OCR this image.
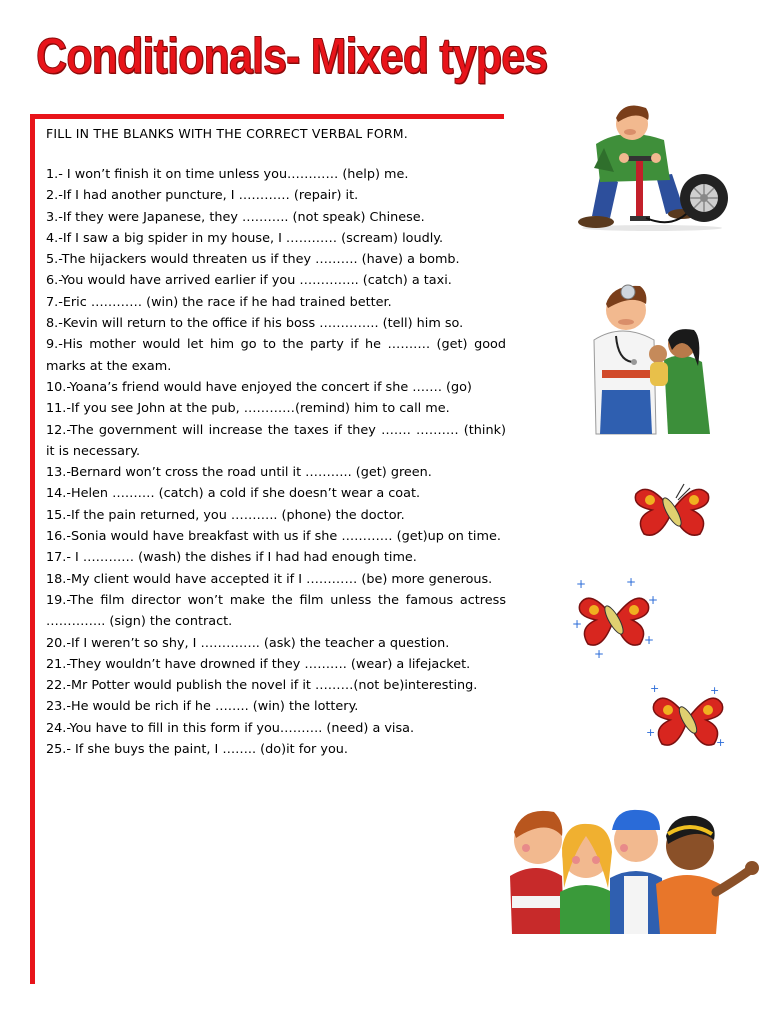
Conditionals- Mixed types
FILL IN THE BLANKS WITH THE CORRECT VERBAL FORM.
1.- I won’t finish it on time unless you………… (help) me.
2.-If I had another puncture, I ………… (repair) it.
3.-If they were Japanese, they ……….. (not speak) Chinese.
4.-If I saw a big spider in my house, I ………… (scream) loudly.
5.-The hijackers would threaten us if they ………. (have) a bomb.
6.-You would have arrived earlier if you ………….. (catch) a taxi.
7.-Eric ………… (win) the race if he had trained better.
8.-Kevin will return to the office if his boss ………….. (tell) him so.
9.-His mother would let him go to the party if he ………. (get) good marks at the exam.
10.-Yoana’s friend would have enjoyed the concert if she ……. (go)
11.-If you see John at the pub, …………(remind) him to call me.
12.-The government will increase the taxes if they ……. ………. (think) it is necessary.
13.-Bernard won’t cross the road until it ……….. (get) green.
14.-Helen ………. (catch) a cold if she doesn’t wear a coat.
15.-If the pain returned, you ……….. (phone) the doctor.
16.-Sonia would have breakfast with us if she ………… (get)up on time.
17.- I ………… (wash) the dishes if I had had enough time.
18.-My client would have accepted it if I ………… (be) more generous.
19.-The film director won’t make the film unless the famous actress ………….. (sign) the contract.
20.-If I weren’t so shy, I ………….. (ask) the teacher a question.
21.-They wouldn’t have drowned if they ………. (wear) a lifejacket.
22.-Mr Potter would publish the novel if it ………(not be)interesting.
23.-He would be rich if he …….. (win) the lottery.
24.-You have to fill in this form if you………. (need) a visa.
25.- If she buys the paint, I …….. (do)it for you.
+	+
+
+
+
+
+	+
+
+
